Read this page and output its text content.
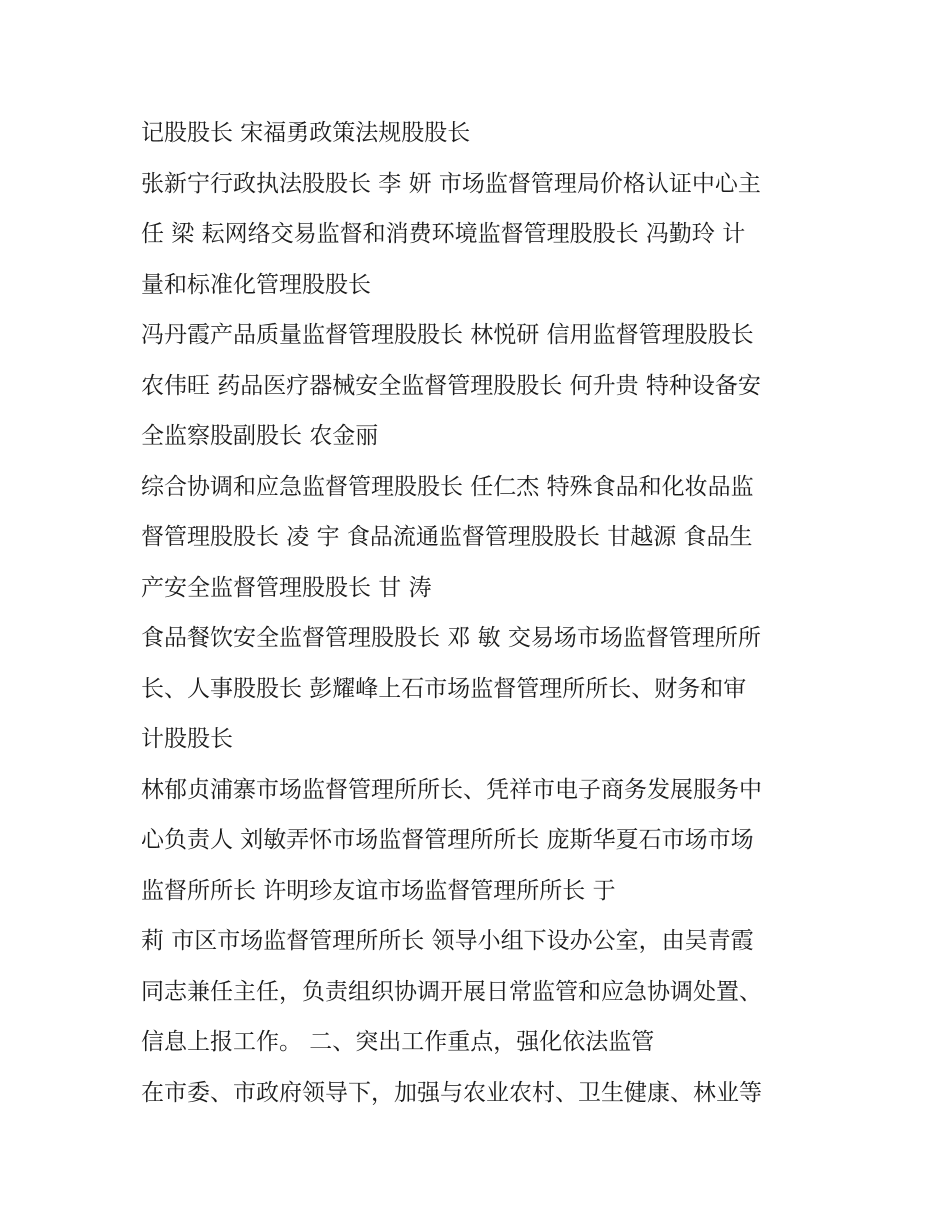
记股股长 宋福勇政策法规股股长
张新宁行政执法股股长 李 妍 市场监督管理局价格认证中心主
任 梁 耘网络交易监督和消费环境监督管理股股长 冯勤玲 计
量和标准化管理股股长
冯丹霞产品质量监督管理股股长 林悦研 信用监督管理股股长
农伟旺 药品医疗器械安全监督管理股股长 何升贵 特种设备安
全监察股副股长 农金丽
综合协调和应急监督管理股股长 任仁杰 特殊食品和化妆品监
督管理股股长 凌 宇 食品流通监督管理股股长 甘越源 食品生
产安全监督管理股股长 甘 涛
食品餐饮安全监督管理股股长 邓 敏 交易场市场监督管理所所
长、人事股股长 彭耀峰上石市场监督管理所所长、财务和审
计股股长
林郁贞浦寨市场监督管理所所长、凭祥市电子商务发展服务中
心负责人 刘敏弄怀市场监督管理所所长 庞斯华夏石市场市场
监督所所长 许明珍友谊市场监督管理所所长 于
莉 市区市场监督管理所所长 领导小组下设办公室，由吴青霞
同志兼任主任，负责组织协调开展日常监管和应急协调处置、
信息上报工作。 二、突出工作重点，强化依法监管
在市委、市政府领导下，加强与农业农村、卫生健康、林业等
